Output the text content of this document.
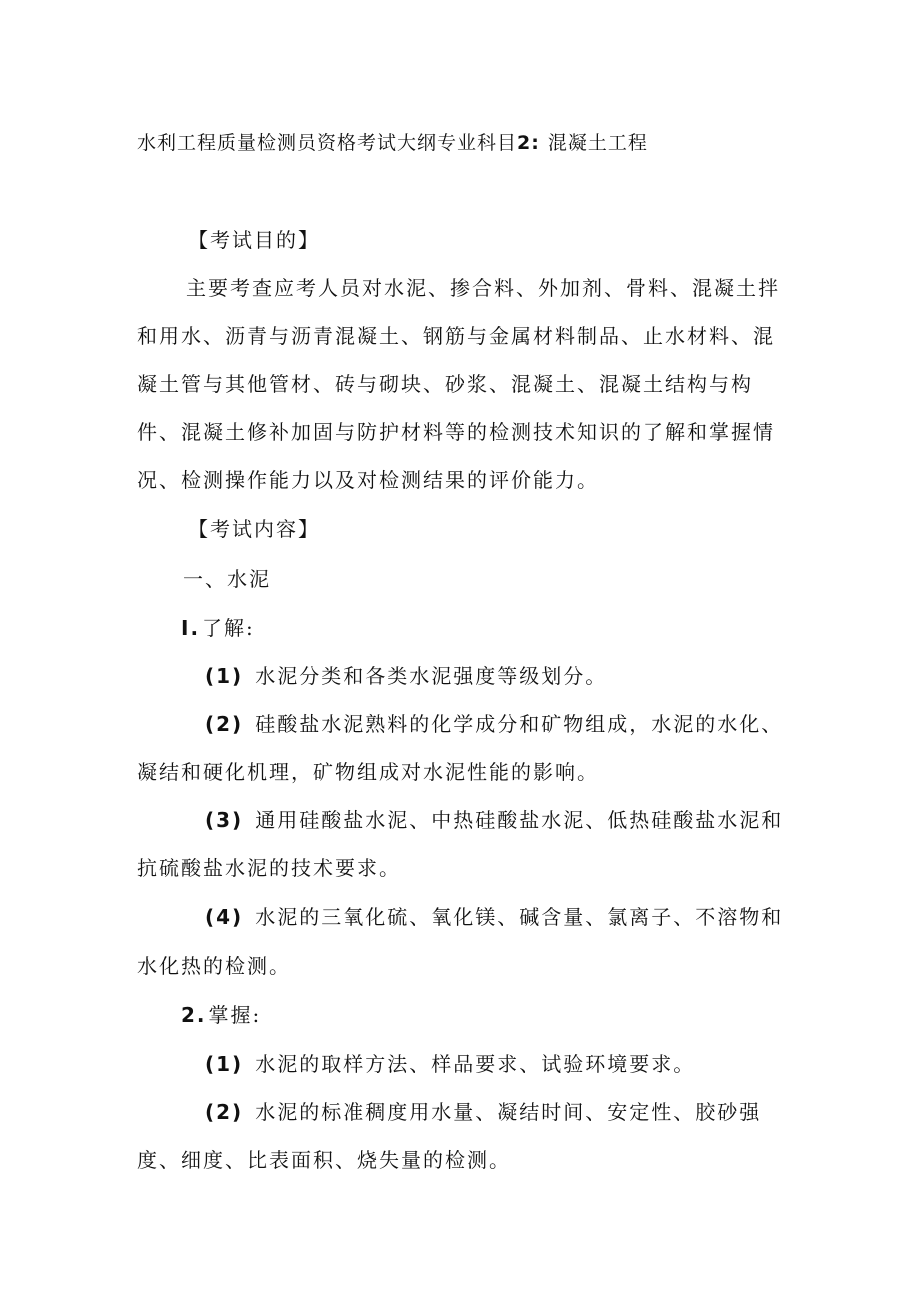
水利工程质量检测员资格考试大纲专业科目2: 混凝土工程

【考试目的】

主要考查应考人员对水泥、掺合料、外加剂、骨料、混凝土拌

和用水、沥青与沥青混凝土、钢筋与金属材料制品、止水材料、混

凝土管与其他管材、砖与砌块、砂浆、混凝土、混凝土结构与构

件、混凝土修补加固与防护材料等的检测技术知识的了解和掌握情

况、检测操作能力以及对检测结果的评价能力。

【考试内容】

一、水泥

I. 了解:

(1) 水泥分类和各类水泥强度等级划分。

(2) 硅酸盐水泥熟料的化学成分和矿物组成，水泥的水化、

凝结和硬化机理，矿物组成对水泥性能的影响。

(3) 通用硅酸盐水泥、中热硅酸盐水泥、低热硅酸盐水泥和

抗硫酸盐水泥的技术要求。

(4) 水泥的三氧化硫、氧化镁、碱含量、氯离子、不溶物和

水化热的检测。

2. 掌握:

(1) 水泥的取样方法、样品要求、试验环境要求。

(2) 水泥的标准稠度用水量、凝结时间、安定性、胶砂强

度、细度、比表面积、烧失量的检测。
